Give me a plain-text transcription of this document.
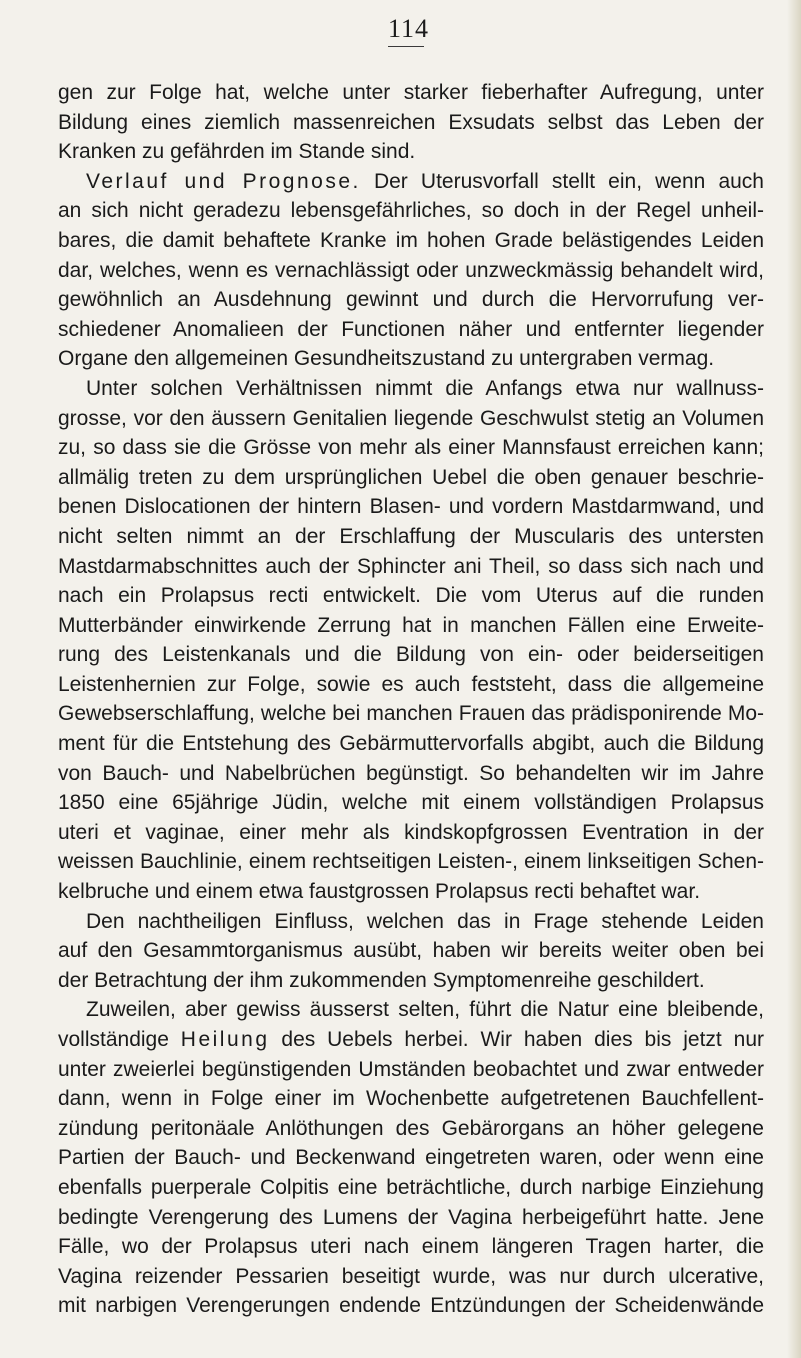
114
gen zur Folge hat, welche unter starker fieberhafter Aufregung, unter
Bildung eines ziemlich massenreichen Exsudats selbst das Leben der
Kranken zu gefährden im Stande sind.
Verlauf und Prognose. Der Uterusvorfall stellt ein, wenn auch
an sich nicht geradezu lebensgefährliches, so doch in der Regel unheil-
bares, die damit behaftete Kranke im hohen Grade belästigendes Leiden
dar, welches, wenn es vernachlässigt oder unzweckmässig behandelt wird,
gewöhnlich an Ausdehnung gewinnt und durch die Hervorrufung ver-
schiedener Anomalieen der Functionen näher und entfernter liegender
Organe den allgemeinen Gesundheitszustand zu untergraben vermag.
Unter solchen Verhältnissen nimmt die Anfangs etwa nur wallnuss-
grosse, vor den äussern Genitalien liegende Geschwulst stetig an Volumen
zu, so dass sie die Grösse von mehr als einer Mannsfaust erreichen kann;
allmälig treten zu dem ursprünglichen Uebel die oben genauer beschrie-
benen Dislocationen der hintern Blasen- und vordern Mastdarmwand, und
nicht selten nimmt an der Erschlaffung der Muscularis des untersten
Mastdarmabschnittes auch der Sphincter ani Theil, so dass sich nach und
nach ein Prolapsus recti entwickelt. Die vom Uterus auf die runden
Mutterbänder einwirkende Zerrung hat in manchen Fällen eine Erweite-
rung des Leistenkanals und die Bildung von ein- oder beiderseitigen
Leistenhernien zur Folge, sowie es auch feststeht, dass die allgemeine
Gewebserschlaffung, welche bei manchen Frauen das prädisponirende Mo-
ment für die Entstehung des Gebärmuttervorfalls abgibt, auch die Bildung
von Bauch- und Nabelbrüchen begünstigt. So behandelten wir im Jahre
1850 eine 65jährige Jüdin, welche mit einem vollständigen Prolapsus
uteri et vaginae, einer mehr als kindskopfgrossen Eventration in der
weissen Bauchlinie, einem rechtseitigen Leisten-, einem linkseitigen Schen-
kelbruche und einem etwa faustgrossen Prolapsus recti behaftet war.
Den nachtheiligen Einfluss, welchen das in Frage stehende Leiden
auf den Gesammtorganismus ausübt, haben wir bereits weiter oben bei
der Betrachtung der ihm zukommenden Symptomenreihe geschildert.
Zuweilen, aber gewiss äusserst selten, führt die Natur eine bleibende,
vollständige Heilung des Uebels herbei. Wir haben dies bis jetzt nur
unter zweierlei begünstigenden Umständen beobachtet und zwar entweder
dann, wenn in Folge einer im Wochenbette aufgetretenen Bauchfellent-
zündung peritonäale Anlöthungen des Gebärorgans an höher gelegene
Partien der Bauch- und Beckenwand eingetreten waren, oder wenn eine
ebenfalls puerperale Colpitis eine beträchtliche, durch narbige Einziehung
bedingte Verengerung des Lumens der Vagina herbeigeführt hatte. Jene
Fälle, wo der Prolapsus uteri nach einem längeren Tragen harter, die
Vagina reizender Pessarien beseitigt wurde, was nur durch ulcerative,
mit narbigen Verengerungen endende Entzündungen der Scheidenwände
